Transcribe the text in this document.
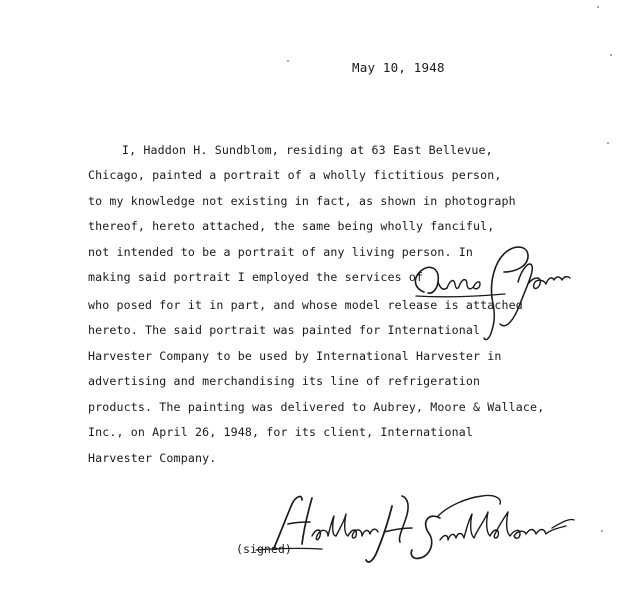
May 10, 1948
I, Haddon H. Sundblom, residing at 63 East Bellevue,
Chicago, painted a portrait of a wholly fictitious person,
to my knowledge not existing in fact, as shown in photograph
thereof, hereto attached, the same being wholly fanciful,
not intended to be a portrait of any living person. In
making said portrait I employed the services of
who posed for it in part, and whose model release is attached
hereto. The said portrait was painted for International
Harvester Company to be used by International Harvester in
advertising and merchandising its line of refrigeration
products. The painting was delivered to Aubrey, Moore & Wallace,
Inc., on April 26, 1948, for its client, International
Harvester Company.
(signed)
